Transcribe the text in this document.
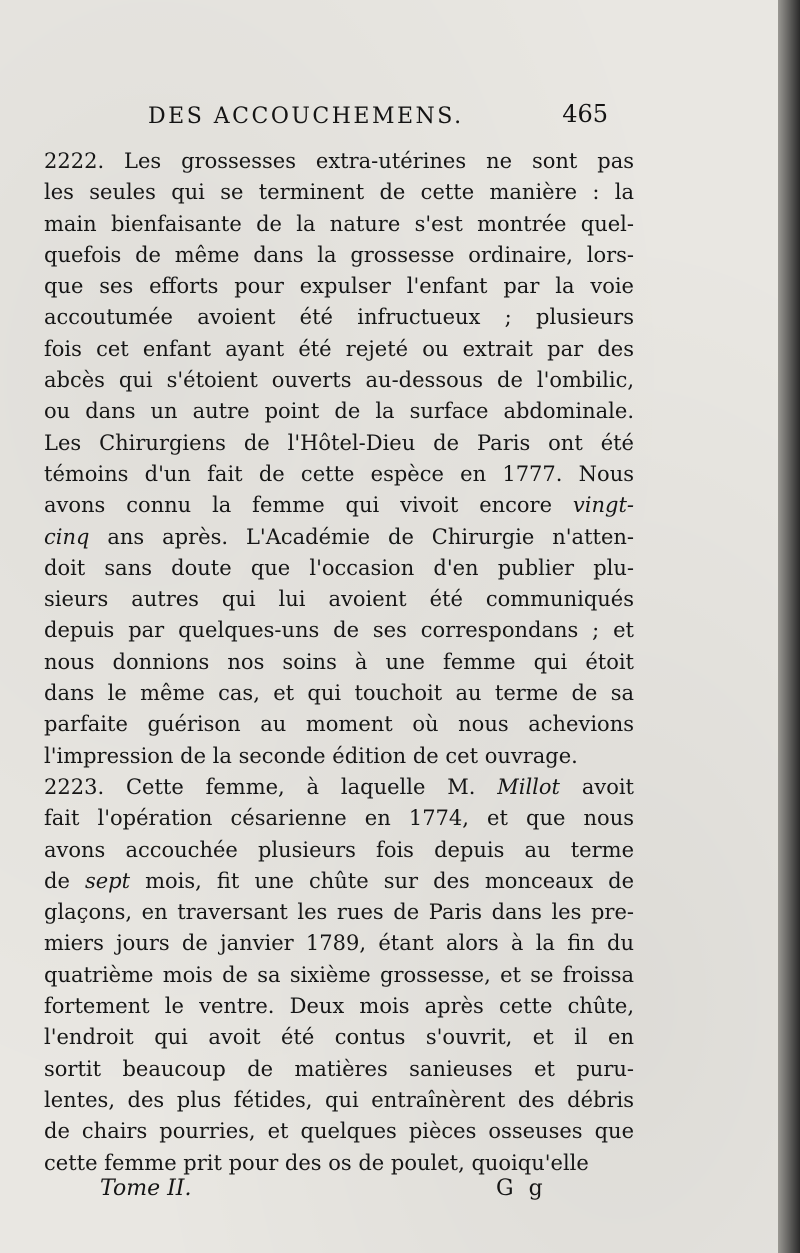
DES ACCOUCHEMENS.	465
2222. Les grossesses extra-utérines ne sont pas
les seules qui se terminent de cette manière : la
main bienfaisante de la nature s'est montrée quel-
quefois de même dans la grossesse ordinaire, lors-
que ses efforts pour expulser l'enfant par la voie
accoutumée avoient été infructueux ; plusieurs
fois cet enfant ayant été rejeté ou extrait par des
abcès qui s'étoient ouverts au-dessous de l'ombilic,
ou dans un autre point de la surface abdominale.
Les Chirurgiens de l'Hôtel-Dieu de Paris ont été
témoins d'un fait de cette espèce en 1777. Nous
avons connu la femme qui vivoit encore vingt-
cinq ans après. L'Académie de Chirurgie n'atten-
doit sans doute que l'occasion d'en publier plu-
sieurs autres qui lui avoient été communiqués
depuis par quelques-uns de ses correspondans ; et
nous donnions nos soins à une femme qui étoit
dans le même cas, et qui touchoit au terme de sa
parfaite guérison au moment où nous achevions
l'impression de la seconde édition de cet ouvrage.
2223. Cette femme, à laquelle M. Millot avoit
fait l'opération césarienne en 1774, et que nous
avons accouchée plusieurs fois depuis au terme
de sept mois, fit une chûte sur des monceaux de
glaçons, en traversant les rues de Paris dans les pre-
miers jours de janvier 1789, étant alors à la fin du
quatrième mois de sa sixième grossesse, et se froissa
fortement le ventre. Deux mois après cette chûte,
l'endroit qui avoit été contus s'ouvrit, et il en
sortit beaucoup de matières sanieuses et puru-
lentes, des plus fétides, qui entraînèrent des débris
de chairs pourries, et quelques pièces osseuses que
cette femme prit pour des os de poulet, quoiqu'elle
Tome II.	G g
